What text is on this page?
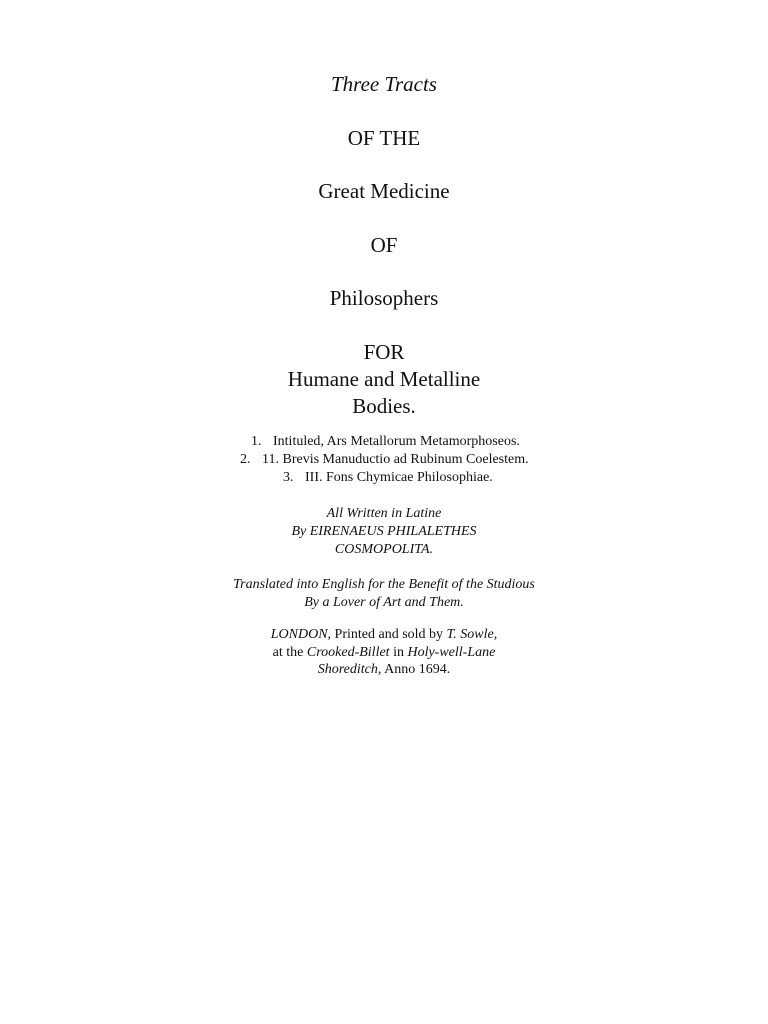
Three Tracts
OF THE
Great Medicine
OF
Philosophers
FOR
Humane and Metalline
Bodies.
1. Intituled, Ars Metallorum Metamorphoseos.
2. 11. Brevis Manuductio ad Rubinum Coelestem.
3. III. Fons Chymicae Philosophiae.
All Written in Latine
By EIRENAEUS PHILALETHES
COSMOPOLITA.
Translated into English for the Benefit of the Studious
By a Lover of Art and Them.
LONDON, Printed and sold by T. Sowle,
at the Crooked-Billet in Holy-well-Lane
Shoreditch, Anno 1694.
